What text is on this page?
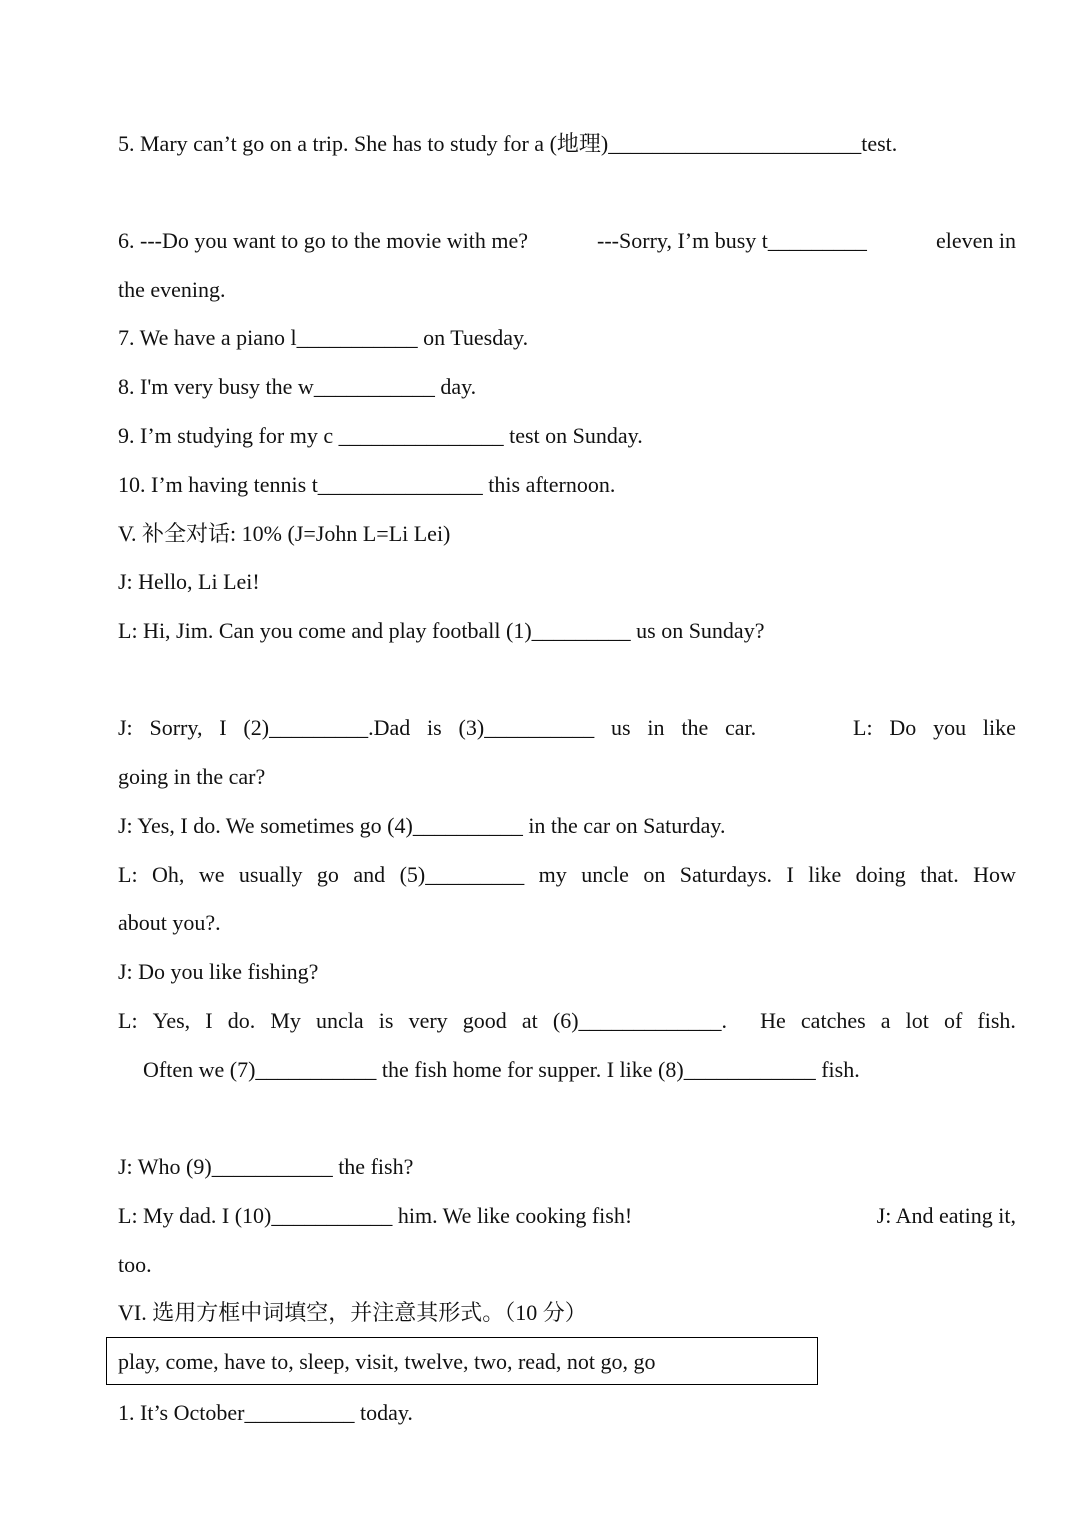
5. Mary can’t go on a trip. She has to study for a (地理)_______________________test.
6. ---Do you want to go to the movie with me?	---Sorry, I’m busy t_________	eleven in
the evening.
7. We have a piano l___________ on Tuesday.
8. I'm very busy the w___________ day.
9. I’m studying for my c _______________ test on Sunday.
10. I’m having tennis t_______________ this afternoon.
V. 补全对话: 10% (J=John L=Li Lei)
J: Hello, Li Lei!
L: Hi, Jim. Can you come and play football (1)_________ us on Sunday?
J: Sorry, I (2)_________.Dad is (3)__________ us in the car.	L: Do you like
going in the car?
J: Yes, I do. We sometimes go (4)__________ in the car on Saturday.
L: Oh, we usually go and (5)_________ my uncle on Saturdays. I like doing that. How
about you?.
J: Do you like fishing?
L: Yes, I do. My uncla is very good at (6)_____________. He catches a lot of fish.
Often we (7)___________ the fish home for supper. I like (8)____________ fish.
J: Who (9)___________ the fish?
L: My dad. I (10)___________ him. We like cooking fish!	J: And eating it,
too.
VI. 选用方框中词填空，并注意其形式。（10 分）
play, come, have to, sleep, visit, twelve, two, read, not go, go
1. It’s October__________ today.
